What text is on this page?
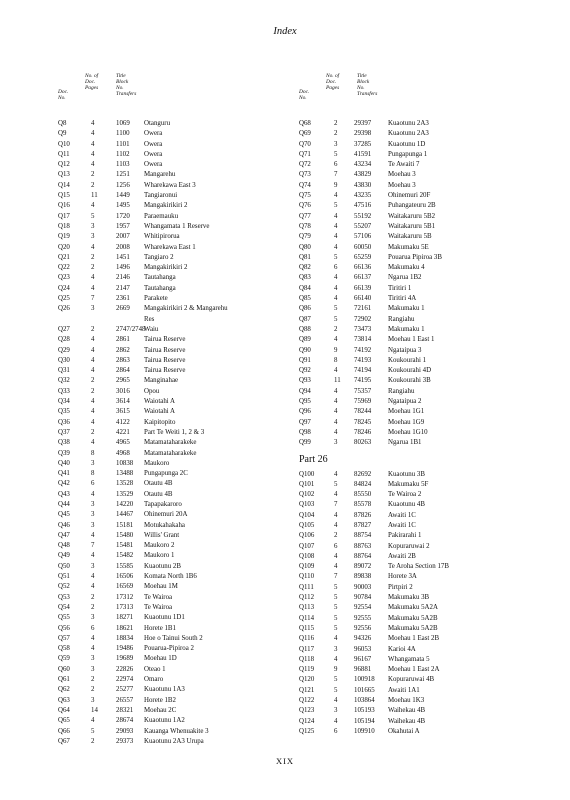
Index
Doc.
No.
No. of
Doc.
Pages
Title
Block
No.
Transfers
Q8	4	1069 Otanguru
Q9	4	1100 Owera
Q10	4	1101 Owera
Q11	4	1102 Owera
Q12	4	1103 Owera
Q13	2	1251 Mangarehu
Q14	2	1256 Wharekawa East 3
Q15	11	1449 Tangiaronui
Q16	4	1495 Mangakirikiri 2
Q17	5	1720 Paraemauku
Q18	3	1957 Whangamata 1 Reserve
Q19	3	2007 Whitipirorua
Q20	4	2008 Wharekawa East 1
Q21	2	1451 Tangiaro 2
Q22	2	1496 Mangakirikiri 2
Q23	4	2146 Tautahanga
Q24	4	2147 Tautahanga
Q25	7	2361 Parakete
Q26	3	2669 Mangakirikiri 2 & Mangarehu
Res
Q27	2	2747/2748
Waiu
Q28	4	2861 Tairua Reserve
Q29	4	2862 Tairua Reserve
Q30	4	2863 Tairua Reserve
Q31	4	2864 Tairua Reserve
Q32	2	2965 Manginahae
Q33	2	3016 Opou
Q34	4	3614 Waiotahi A
Q35	4	3615 Waiotahi A
Q36	4	4122 Kaipitopito
Q37	2	4221 Part Te Weiti 1, 2 & 3
Q38	4	4965 Matamataharakeke
Q39	8	4968 Matamataharakeke
Q40	3	10838 Maukoro
Q41	8	13488 Pungapunga 2C
Q42	6	13528 Otautu 4B
Q43	4	13529 Otautu 4B
Q44	3	14220 Tapapakaroro
Q45	3	14467 Ohinemuri 20A
Q46	3	15181 Motukahakaha
Q47	4	15480 Willis' Grant
Q48	7	15481 Maukoro 2
Q49	4	15482 Maukoro 1
Q50	3	15585 Kuaotunu 2B
Q51	4	16506 Komata North 1B6
Q52	4	16569 Moehau 1M
Q53	2	17312 Te Wairoa
Q54	2	17313 Te Wairoa
Q55	3	18271 Kuaotunu 1D1
Q56	6	18621 Horete 1B1
Q57	4	18834 Hoe o Tainui South 2
Q58	4	19486 Pouarua-Pipiroa 2
Q59	3	19689 Moehau 1D
Q60	3	22826 Oteao 1
Q61	2	22974 Omaro
Q62	2	25277 Kuaotunu 1A3
Q63	3	26557 Horete 1B2
Q64	14	28321 Moehau 2C
Q65	4	28674 Kuaotunu 1A2
Q66	5	29093 Kauanga Whenuakite 3
Q67	2	29373 Kuaotunu 2A3 Urupa
Doc.
No.
No. of
Doc.
Pages
Title
Block
No.
Transfers
Q68	2 29397 Kuaotunu 2A3
Q69	2 29398 Kuaotunu 2A3
Q70	3 37285 Kuaotunu 1D
Q71	5 41591 Pungapunga 1
Q72	6 43234 Te Awaiti 7
Q73	7 43829 Moehau 3
Q74	9 43830 Moehau 3
Q75	4 43235 Ohinemuri 20F
Q76	5 47516 Puhangateuru 2B
Q77	4 55192 Waitakaruru 5B2
Q78	4 55207 Waitakaruru 5B1
Q79	4 57106 Waitakaruru 5B
Q80	4 60050 Makumaku 5E
Q81	5 65259 Pouarua Pipiroa 3B
Q82	6 66136 Makumaku 4
Q83	4 66137 Ngarua 1B2
Q84	4 66139 Tiritiri 1
Q85	4 66140 Tiritiri 4A
Q86	5 72161 Makumaku 1
Q87	5 72902 Rangiahu
Q88	2 73473 Makumaku 1
Q89	4 73814 Moehau 1 East 1
Q90	9 74192 Ngataipua 3
Q91	8 74193 Koukourahi 1
Q92	4 74194 Koukourahi 4D
Q93	11 74195 Koukourahi 3B
Q94	4 75357 Rangiahu
Q95	4 75969 Ngataipua 2
Q96	4 78244 Moehau 1G1
Q97	4 78245 Moehau 1G9
Q98	4 78246 Moehau 1G10
Q99	3 80263 Ngarua 1B1
Part 26
Q100	4 82692 Kuaotunu 3B
Q101	5 84824 Makumaku 5F
Q102	4 85550 Te Wairoa 2
Q103	7 85578 Kuaotunu 4B
Q104	4 87826 Awaiti 1C
Q105	4 87827 Awaiti 1C
Q106	2 88754 Pakirarahi 1
Q107	6 88763 Kopuraruwai 2
Q108	4 88764 Awaiti 2B
Q109	4 89072 Te Aroha Section 17B
Q110	7 89838 Horete 3A
Q111	5 90003 Pirtpiri 2
Q112	5 90784 Makumaku 3B
Q113	5 92554 Makumaku 5A2A
Q114	5 92555 Makumaku 5A2B
Q115	5 92556 Makumaku 5A2B
Q116	4 94326 Moehau 1 East 2B
Q117	3 96053 Karioi 4A
Q118	4 96167 Whangamata 5
Q119	9 96881 Moehau 1 East 2A
Q120	5 100918 Kopuraruwai 4B
Q121	5 101665 Awaiti 1A1
Q122	4 103864 Moehau 1K3
Q123	3 105193 Waihekau 4B
Q124	4 105194 Waihekau 4B
Q125	6 109910 Okahutai A
XIX
